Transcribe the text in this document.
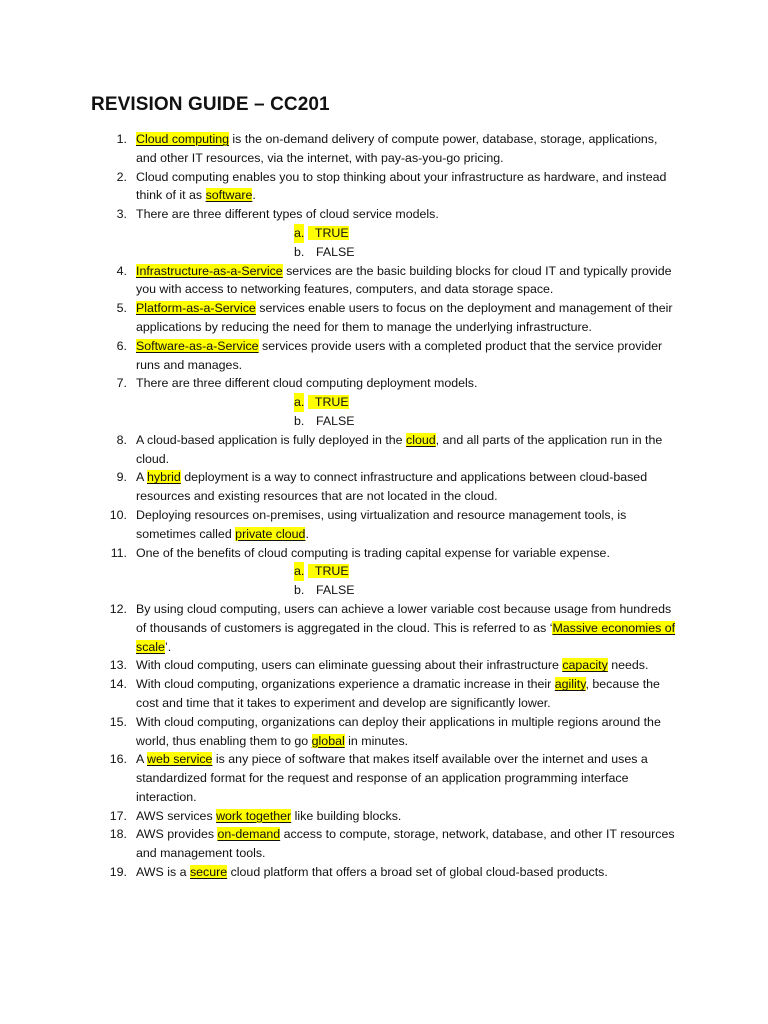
REVISION GUIDE – CC201
1. Cloud computing is the on-demand delivery of compute power, database, storage, applications, and other IT resources, via the internet, with pay-as-you-go pricing.
2. Cloud computing enables you to stop thinking about your infrastructure as hardware, and instead think of it as software.
3. There are three different types of cloud service models.
a. TRUE
b. FALSE
4. Infrastructure-as-a-Service services are the basic building blocks for cloud IT and typically provide you with access to networking features, computers, and data storage space.
5. Platform-as-a-Service services enable users to focus on the deployment and management of their applications by reducing the need for them to manage the underlying infrastructure.
6. Software-as-a-Service services provide users with a completed product that the service provider runs and manages.
7. There are three different cloud computing deployment models.
a. TRUE
b. FALSE
8. A cloud-based application is fully deployed in the cloud, and all parts of the application run in the cloud.
9. A hybrid deployment is a way to connect infrastructure and applications between cloud-based resources and existing resources that are not located in the cloud.
10. Deploying resources on-premises, using virtualization and resource management tools, is sometimes called private cloud.
11. One of the benefits of cloud computing is trading capital expense for variable expense.
a. TRUE
b. FALSE
12. By using cloud computing, users can achieve a lower variable cost because usage from hundreds of thousands of customers is aggregated in the cloud. This is referred to as ‘Massive economies of scale’.
13. With cloud computing, users can eliminate guessing about their infrastructure capacity needs.
14. With cloud computing, organizations experience a dramatic increase in their agility, because the cost and time that it takes to experiment and develop are significantly lower.
15. With cloud computing, organizations can deploy their applications in multiple regions around the world, thus enabling them to go global in minutes.
16. A web service is any piece of software that makes itself available over the internet and uses a standardized format for the request and response of an application programming interface interaction.
17. AWS services work together like building blocks.
18. AWS provides on-demand access to compute, storage, network, database, and other IT resources and management tools.
19. AWS is a secure cloud platform that offers a broad set of global cloud-based products.
